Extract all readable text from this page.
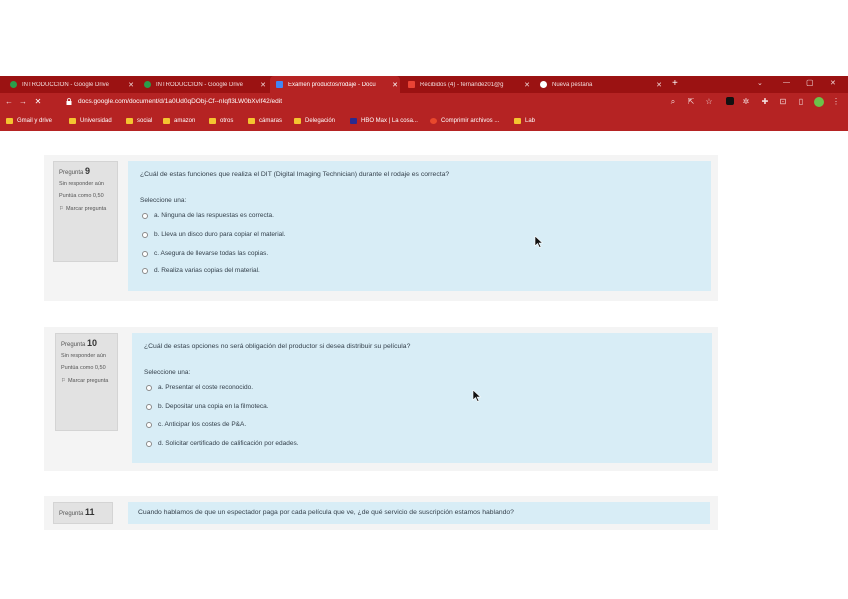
INTRODUCCIÓN - Google Drive	✕	INTRODUCCIÓN - Google Drive	✕	Examen productos/rodaje - Docu	✕	Recibidos (4) - fernandez01@g	✕	Nueva pestaña	✕ +	⌄	— ▢ ✕
← → ✕	docs.google.com/document/d/1a0Ud0qDObj-Cf--nIqfl3LW0bXvIf42/edit	⌕	⇱ ☆	✲ ✚ ⊡	▯	⋮
Gmail y drive	Universidad	social	amazon	otros	cámaras	Delegación	HBO Max | La cosa...	Comprimir archivos ...	Lab
Pregunta 9
Sin responder aún
Puntúa como 0,50
⚐ Marcar pregunta
¿Cuál de estas funciones que realiza el DIT (Digital Imaging Technician) durante el rodaje es correcta?
Seleccione una:
a. Ninguna de las respuestas es correcta.
b. Lleva un disco duro para copiar el material.
c. Asegura de llevarse todas las copias.
d. Realiza varias copias del material.
Pregunta 10
Sin responder aún
Puntúa como 0,50
⚐ Marcar pregunta
¿Cuál de estas opciones no será obligación del productor si desea distribuir su película?
Seleccione una:
a. Presentar el coste reconocido.
b. Depositar una copia en la filmoteca.
c. Anticipar los costes de P&A.
d. Solicitar certificado de calificación por edades.
Pregunta 11	Cuando hablamos de que un espectador paga por cada película que ve, ¿de qué servicio de suscripción estamos hablando?
